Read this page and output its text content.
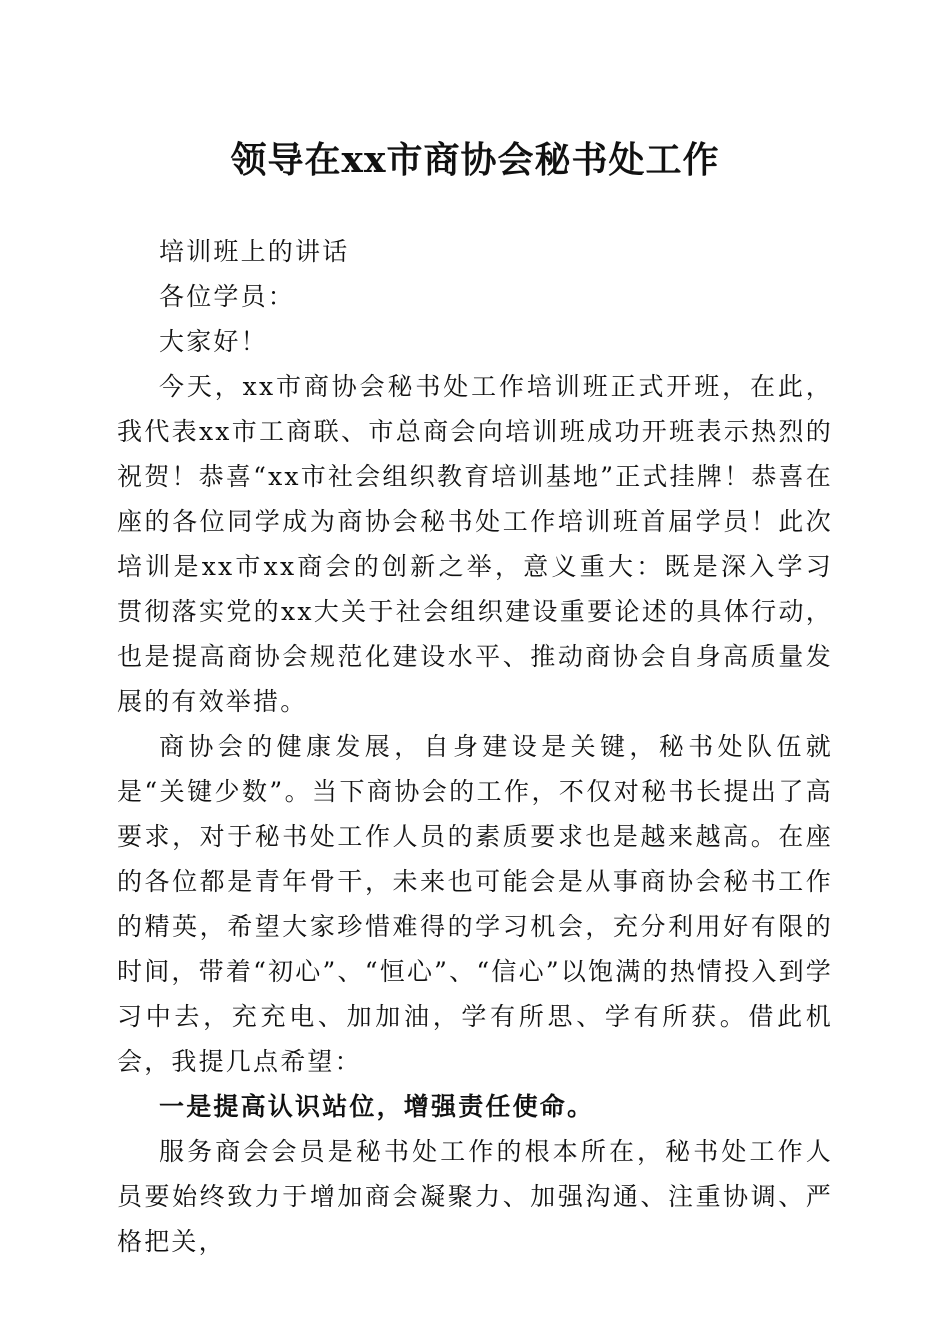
领导在xx市商协会秘书处工作

培训班上的讲话

各位学员：

大家好！

今天，xx市商协会秘书处工作培训班正式开班，在此，我代表xx市工商联、市总商会向培训班成功开班表示热烈的祝贺！恭喜“xx市社会组织教育培训基地”正式挂牌！恭喜在座的各位同学成为商协会秘书处工作培训班首届学员！此次培训是xx市xx商会的创新之举，意义重大：既是深入学习贯彻落实党的xx大关于社会组织建设重要论述的具体行动，也是提高商协会规范化建设水平、推动商协会自身高质量发展的有效举措。

商协会的健康发展，自身建设是关键，秘书处队伍就是“关键少数”。当下商协会的工作，不仅对秘书长提出了高要求，对于秘书处工作人员的素质要求也是越来越高。在座的各位都是青年骨干，未来也可能会是从事商协会秘书工作的精英，希望大家珍惜难得的学习机会，充分利用好有限的时间，带着“初心”、“恒心”、“信心”以饱满的热情投入到学习中去，充充电、加加油，学有所思、学有所获。借此机会，我提几点希望：

一是提高认识站位，增强责任使命。

服务商会会员是秘书处工作的根本所在，秘书处工作人员要始终致力于增加商会凝聚力、加强沟通、注重协调、严格把关，
